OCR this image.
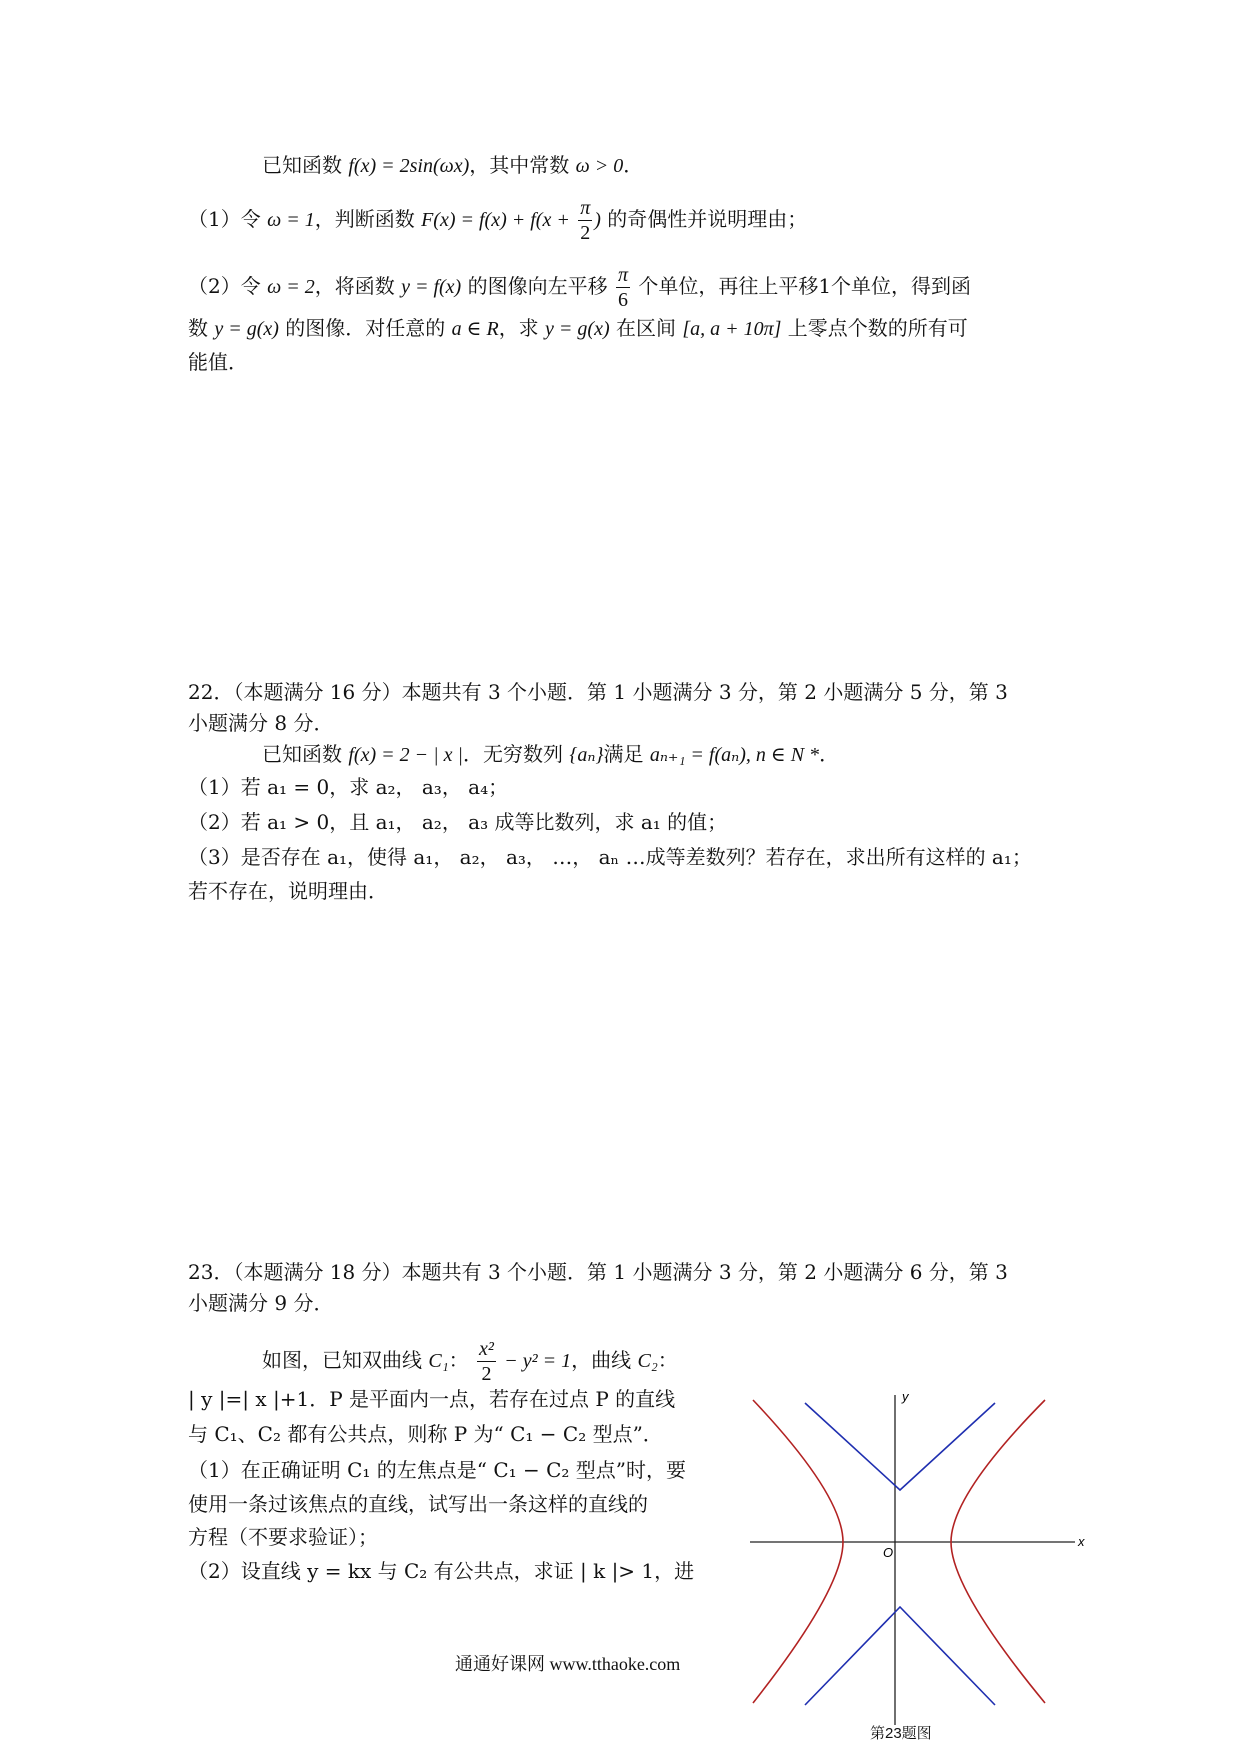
已知函数 f(x) = 2sin(ωx)，其中常数 ω > 0．
（1）令 ω = 1，判断函数 $F(x) = f(x) + f(x + \frac{\pi}{2}$ ) 的奇偶性并说明理由；
（2）令 ω = 2，将函数 y = f(x) 的图像向左平移 $\frac{\pi}{6}$ 个单位，再往上平移1个单位，得到函
数 y = g(x) 的图像．对任意的 a ∈ R，求 y = g(x) 在区间 [a, a + 10π] 上零点个数的所有可
能值．
22．（本题满分 16 分）本题共有 3 个小题．第 1 小题满分 3 分，第 2 小题满分 5 分，第 3
小题满分 8 分．
已知函数 f(x) = 2 − | x |．无穷数列 {aₙ}满足 aₙ₊₁ = f(aₙ), n ∈ N *．
（1）若 a₁ = 0，求 a₂， a₃， a₄；
（2）若 a₁ > 0，且 a₁， a₂， a₃ 成等比数列，求 a₁ 的值；
（3）是否存在 a₁，使得 a₁， a₂， a₃， …， aₙ …成等差数列？若存在，求出所有这样的 a₁；
若不存在，说明理由．
23．（本题满分 18 分）本题共有 3 个小题．第 1 小题满分 3 分，第 2 小题满分 6 分，第 3
小题满分 9 分．
如图，已知双曲线 C₁： $\frac{\text{x²}}{2} - y^2 = 1$，曲线 C₂：
| y |=| x |+1．P 是平面内一点，若存在过点 P 的直线
与 C₁、C₂ 都有公共点，则称 P 为“ C₁ − C₂ 型点”．
（1）在正确证明 C₁ 的左焦点是“ C₁ − C₂ 型点”时，要
使用一条过该焦点的直线，试写出一条这样的直线的
方程（不要求验证）；
（2）设直线 y = kx 与 C₂ 有公共点，求证 | k |> 1，进
x
y
O
第23题图
通通好课网 www.tthaoke.com
